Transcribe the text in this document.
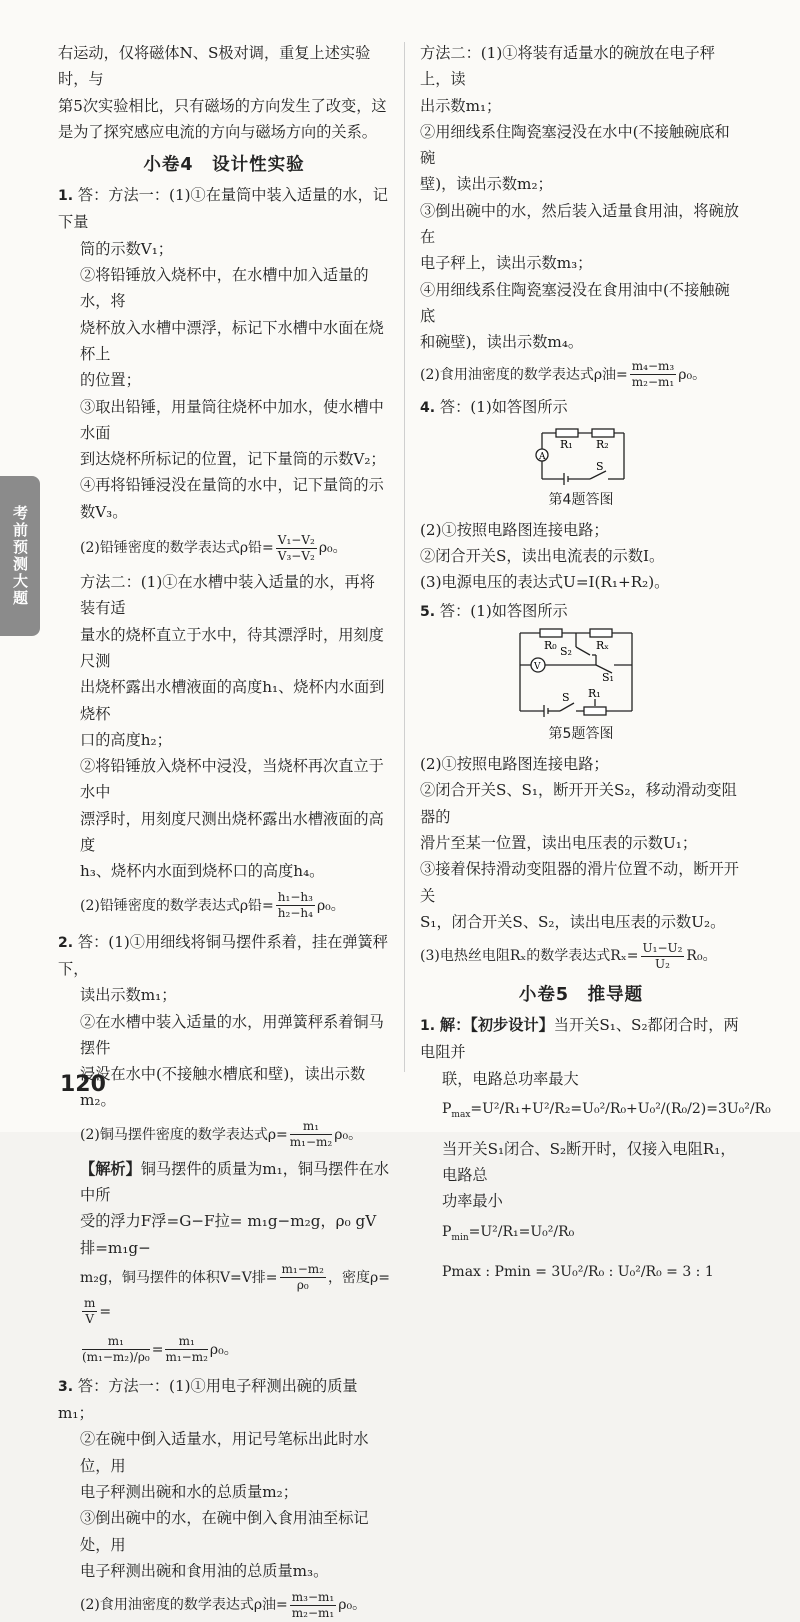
右运动，仅将磁体N、S极对调，重复上述实验时，与

第5次实验相比，只有磁场的方向发生了改变，这

是为了探究感应电流的方向与磁场方向的关系。

小卷4　设计性实验

1. 答：方法一：(1)①在量筒中装入适量的水，记下量

筒的示数V₁；

②将铅锤放入烧杯中，在水槽中加入适量的水，将

烧杯放入水槽中漂浮，标记下水槽中水面在烧杯上

的位置；

③取出铅锤，用量筒往烧杯中加水，使水槽中水面

到达烧杯所标记的位置，记下量筒的示数V₂；

④再将铅锤浸没在量筒的水中，记下量筒的示

数V₃。

(2)铅锤密度的数学表达式ρ铅= $\frac{\text{V₁−V₂}}{\text{V₃−V₂}} \rho_0$。

方法二：(1)①在水槽中装入适量的水，再将装有适

量水的烧杯直立于水中，待其漂浮时，用刻度尺测

出烧杯露出水槽液面的高度h₁、烧杯内水面到烧杯

口的高度h₂；

②将铅锤放入烧杯中浸没，当烧杯再次直立于水中

漂浮时，用刻度尺测出烧杯露出水槽液面的高度

h₃、烧杯内水面到烧杯口的高度h₄。

(2)铅锤密度的数学表达式ρ铅= $\frac{\text{h₁−h₃}}{\text{h₂−h₄}} \rho_0$。

2. 答：(1)①用细线将铜马摆件系着，挂在弹簧秤下，

读出示数m₁；

②在水槽中装入适量的水，用弹簧秤系着铜马摆件

浸没在水中(不接触水槽底和壁)，读出示数m₂。

(2)铜马摆件密度的数学表达式$\rho= \frac{\text{m₁}}{\text{m₁−m₂}} \rho_0$。

【解析】铜马摆件的质量为m₁，铜马摆件在水中所

受的浮力F浮=G−F拉= m₁g−m₂g，ρ₀ gV排=m₁g−

m₂g，铜马摆件的体积V=V排= $\frac{\text{m₁−m₂}}{\text{ρ₀}}$ ，密度ρ=
$\frac{m}{V}$ =

$\frac{\text{m₁}}{\text{(m₁−m₂)/ρ₀}} = \frac{\text{m₁}}{\text{m₁−m₂}} \rho_0$。

3. 答：方法一：(1)①用电子秤测出碗的质量m₁；

②在碗中倒入适量水，用记号笔标出此时水位，用

电子秤测出碗和水的总质量m₂；

③倒出碗中的水，在碗中倒入食用油至标记处，用

电子秤测出碗和食用油的总质量m₃。

(2)食用油密度的数学表达式ρ油= $\frac{\text{m₃−m₁}}{\text{m₂−m₁}} \rho_0$。

方法二：(1)①将装有适量水的碗放在电子秤上，读

出示数m₁；

②用细线系住陶瓷塞浸没在水中(不接触碗底和碗

壁)，读出示数m₂；

③倒出碗中的水，然后装入适量食用油，将碗放在

电子秤上，读出示数m₃；

④用细线系住陶瓷塞浸没在食用油中(不接触碗底

和碗壁)，读出示数m₄。

(2)食用油密度的数学表达式ρ油= $\frac{\text{m₄−m₃}}{\text{m₂−m₁}} \rho_0$。

4. 答：(1)如答图所示

A
R₁ R₂
S
第4题答图

(2)①按照电路图连接电路；

②闭合开关S，读出电流表的示数I。

(3)电源电压的表达式U=I(R₁+R₂)。

5. 答：(1)如答图所示

V
R₀	Rₓ
S₂
S₁
S R₁
第5题答图

(2)①按照电路图连接电路；

②闭合开关S、S₁，断开开关S₂，移动滑动变阻器的

滑片至某一位置，读出电压表的示数U₁；

③接着保持滑动变阻器的滑片位置不动，断开开关

S₁，闭合开关S、S₂，读出电压表的示数U₂。

(3)电热丝电阻Rₓ的数学表达式$R_x= \frac{\text{U₁−U₂}}{\text{U₂}} R_0$。

小卷5　推导题

1. 解：【初步设计】当开关S₁、S₂都闭合时，两电阻并

联，电路总功率最大

$P_{max}=U^2/R_1+U^2/R_2=U_0^2/R_0+U_0^2/(R_0/2)=3U_0^2/R_0$

当开关S₁闭合、S₂断开时，仅接入电阻R₁，电路总

功率最小

$P_{min}=U^2/R_1=U_0^2/R_0$

Pmax : Pmin = 3U₀²/R₀ : U₀²/R₀ = 3 : 1

考前预测大题
120
